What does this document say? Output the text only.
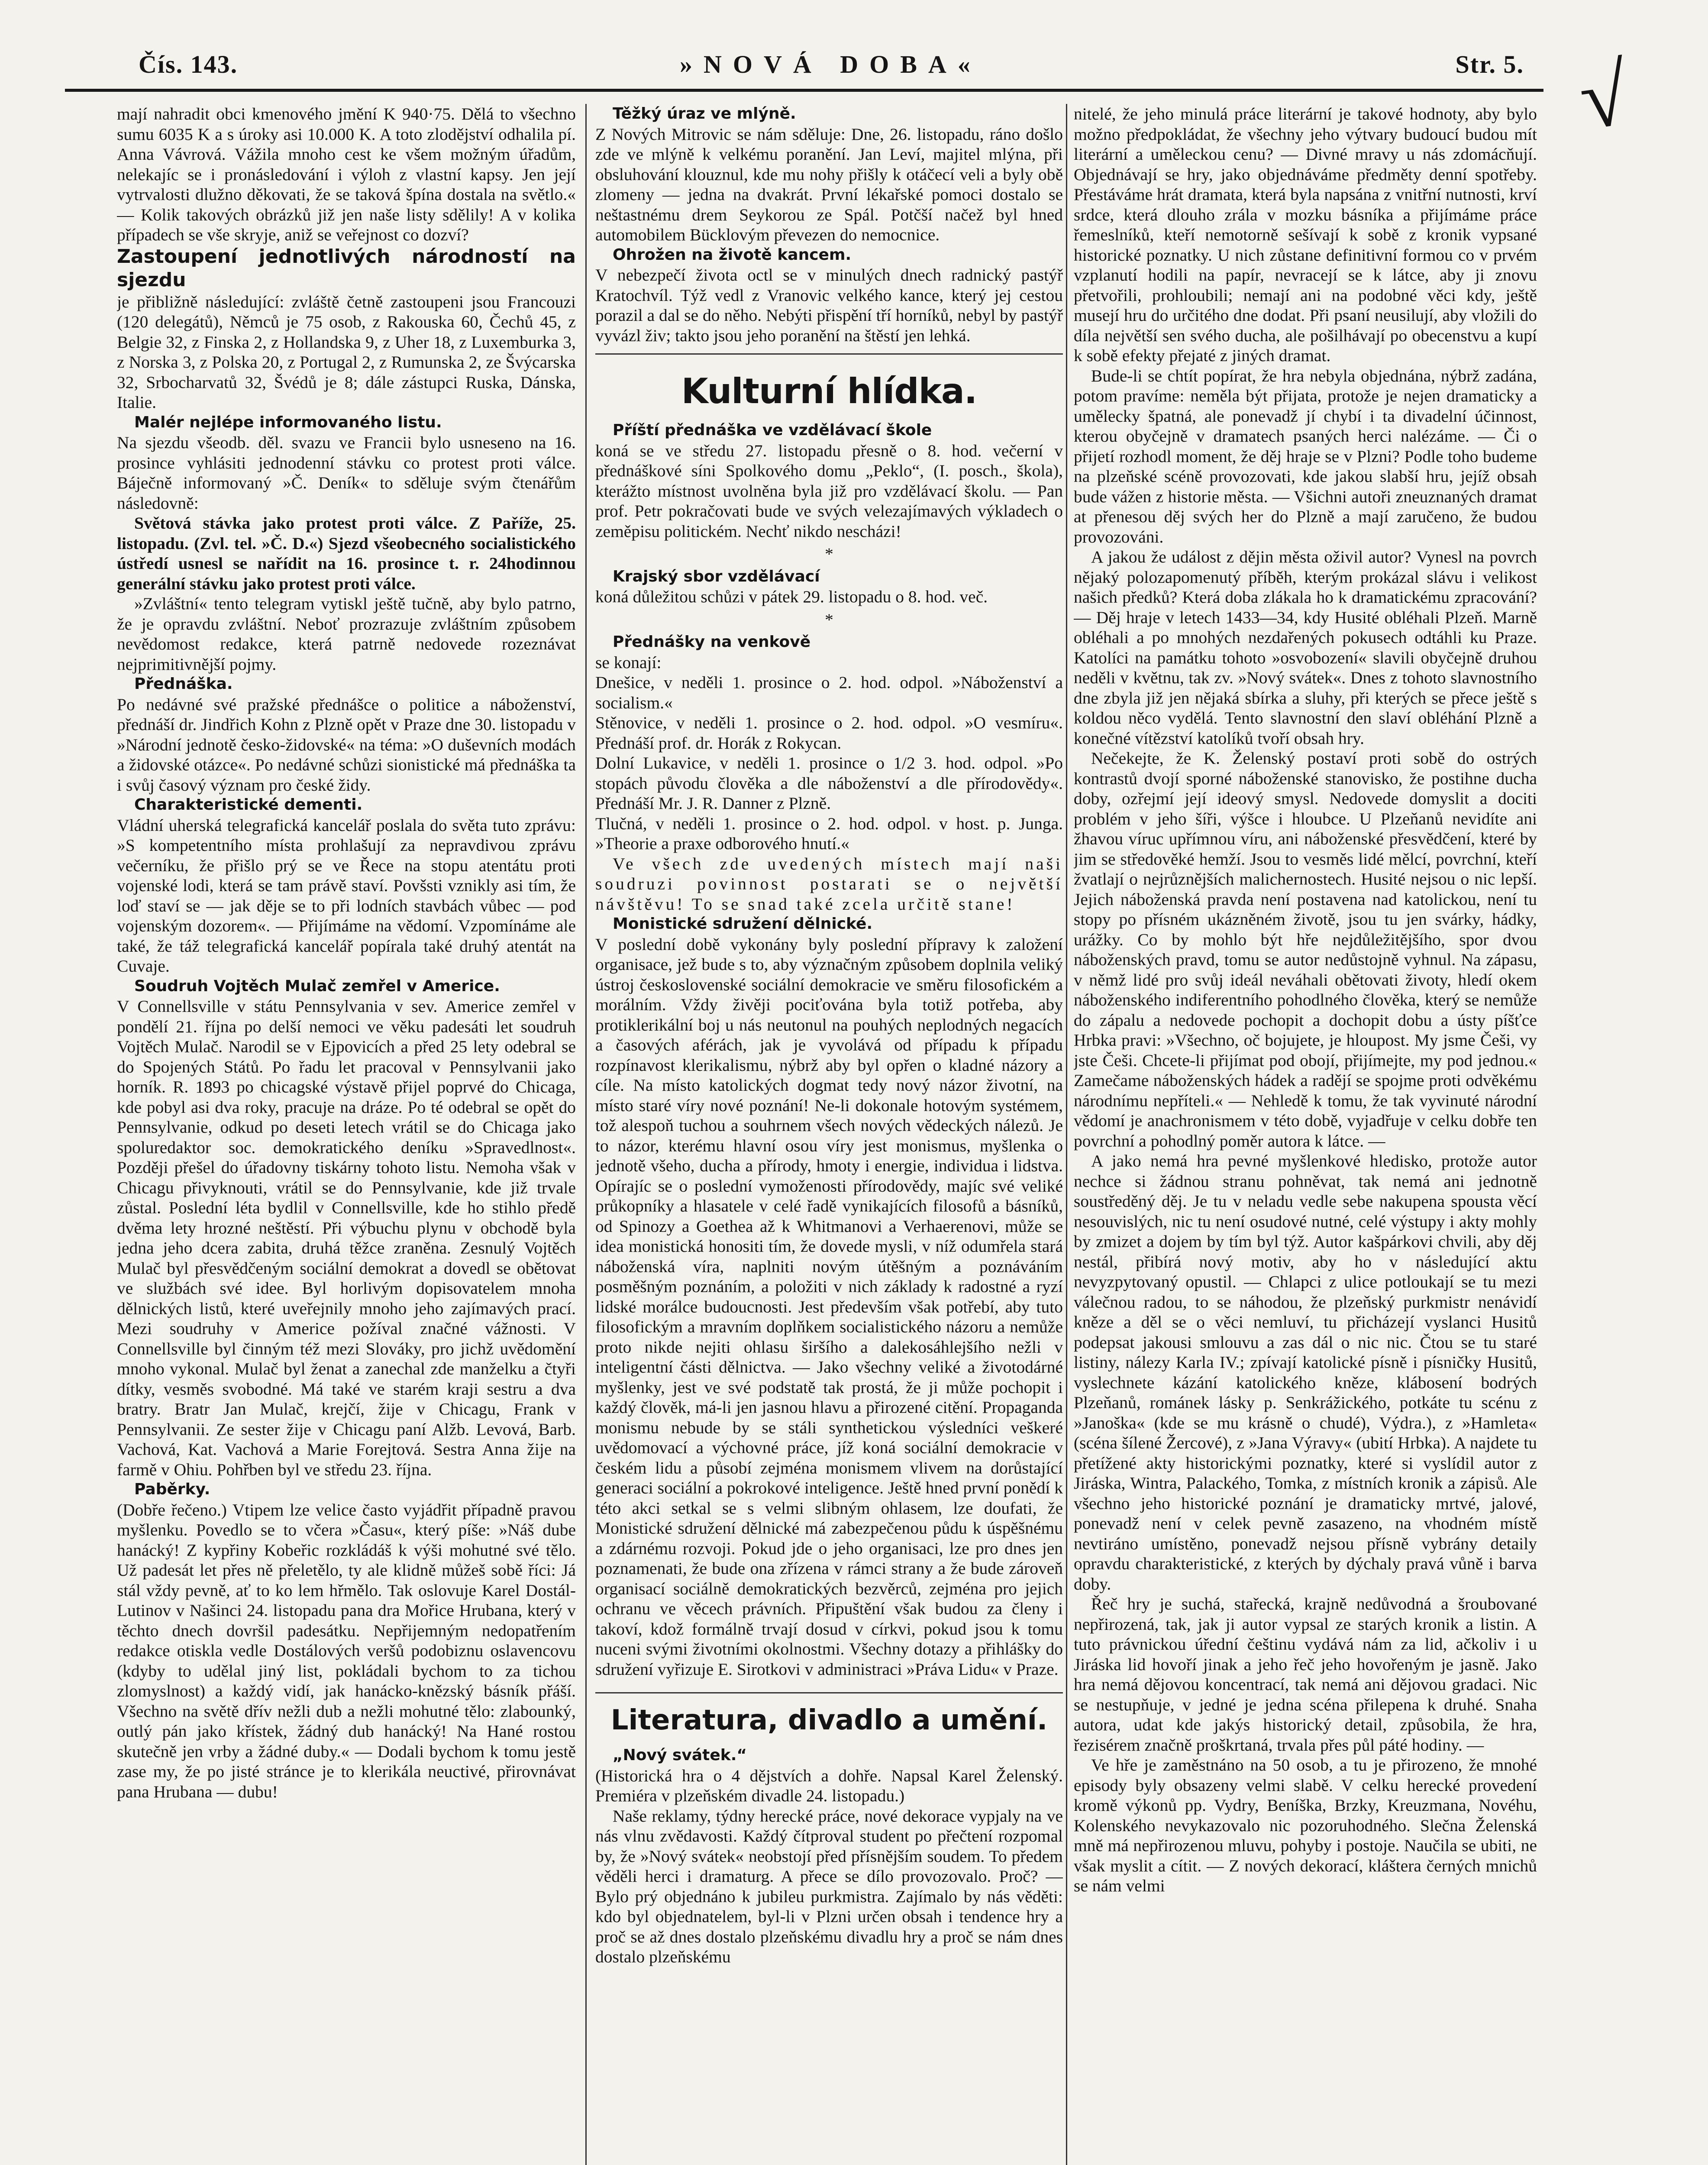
Čís. 143.	»NOVÁ DOBA«	Str. 5. √

mají nahradit obci kmenového jmění K 940·75. Dělá to všechno sumu 6035 K a s úroky asi 10.000 K. A toto zlodějství odhalila pí. Anna Vávrová. Vážila mnoho cest ke všem možným úřadům, nelekajíc se i pronásledování i výloh z vlastní kapsy. Jen její vytrvalosti dlužno děkovati, že se taková špína dostala na světlo.« — Kolik takových obrázků již jen naše listy sdělily! A v kolika případech se vše skryje, aniž se veřejnost co dozví?

Zastoupení jednotlivých národností na sjezdu

je přibližně následující: zvláště četně zastoupeni jsou Francouzi (120 delegátů), Němců je 75 osob, z Rakouska 60, Čechů 45, z Belgie 32, z Finska 2, z Hollandska 9, z Uher 18, z Luxemburka 3, z Norska 3, z Polska 20, z Portugal 2, z Rumunska 2, ze Švýcarska 32, Srbocharvatů 32, Švédů je 8; dále zástupci Ruska, Dánska, Italie.

Malér nejlépe informovaného listu.

Na sjezdu všeodb. děl. svazu ve Francii bylo usneseno na 16. prosince vyhlásiti jednodenní stávku co protest proti válce. Báječně informovaný »Č. Deník« to sděluje svým čtenářům následovně:

Světová stávka jako protest proti válce. Z Paříže, 25. listopadu. (Zvl. tel. »Č. D.«) Sjezd všeobecného socialistického ústředí usnesl se nařídit na 16. prosince t. r. 24hodinnou generální stávku jako protest proti válce.

»Zvláštní« tento telegram vytiskl ještě tučně, aby bylo patrno, že je opravdu zvláštní. Neboť prozrazuje zvláštním způsobem nevědomost redakce, která patrně nedovede rozeznávat nejprimitivnější pojmy.

Přednáška.

Po nedávné své pražské přednášce o politice a náboženství, přednáší dr. Jindřich Kohn z Plzně opět v Praze dne 30. listopadu v »Národní jednotě česko-židovské« na téma: »O duševních modách a židovské otázce«. Po nedávné schůzi sionistické má přednáška ta i svůj časový význam pro české židy.

Charakteristické dementi.

Vládní uherská telegrafická kancelář poslala do světa tuto zprávu: »S kompetentního místa prohlašují za nepravdivou zprávu večerníku, že přišlo prý se ve Řece na stopu atentátu proti vojenské lodi, která se tam právě staví. Povšsti vznikly asi tím, že loď staví se — jak děje se to při lodních stavbách vůbec — pod vojenským dozorem«. — Přijímáme na vědomí. Vzpomínáme ale také, že táž telegrafická kancelář popírala také druhý atentát na Cuvaje.

Soudruh Vojtěch Mulač zemřel v Americe.

V Connellsville v státu Pennsylvania v sev. Americe zemřel v pondělí 21. října po delší nemoci ve věku padesáti let soudruh Vojtěch Mulač. Narodil se v Ejpovicích a před 25 lety odebral se do Spojených Států. Po řadu let pracoval v Pennsylvanii jako horník. R. 1893 po chicagské výstavě přijel poprvé do Chicaga, kde pobyl asi dva roky, pracuje na dráze. Po té odebral se opět do Pennsylvanie, odkud po deseti letech vrátil se do Chicaga jako spoluredaktor soc. demokratického deníku »Spravedlnost«. Později přešel do úřadovny tiskárny tohoto listu. Nemoha však v Chicagu přivyknouti, vrátil se do Pennsylvanie, kde již trvale zůstal. Poslední léta bydlil v Connellsville, kde ho stihlo předě dvěma lety hrozné neštěstí. Při výbuchu plynu v obchodě byla jedna jeho dcera zabita, druhá těžce zraněna. Zesnulý Vojtěch Mulač byl přesvědčeným sociální demokrat a dovedl se obětovat ve službách své idee. Byl horlivým dopisovatelem mnoha dělnických listů, které uveřejnily mnoho jeho zajímavých prací. Mezi soudruhy v Americe požíval značné vážnosti. V Connellsville byl činným též mezi Slováky, pro jichž uvědomění mnoho vykonal. Mulač byl ženat a zanechal zde manželku a čtyři dítky, vesměs svobodné. Má také ve starém kraji sestru a dva bratry. Bratr Jan Mulač, krejčí, žije v Chicagu, Frank v Pennsylvanii. Ze sester žije v Chicagu paní Alžb. Levová, Barb. Vachová, Kat. Vachová a Marie Forejtová. Sestra Anna žije na farmě v Ohiu. Pohřben byl ve středu 23. října.

Paběrky.

(Dobře řečeno.) Vtipem lze velice často vyjádřit případně pravou myšlenku. Povedlo se to včera »Času«, který píše: »Náš dube hanácký! Z kypřiny Kobeřic rozkládáš k výši mohutné své tělo. Už padesát let přes ně přeletělo, ty ale klidně můžeš sobě říci: Já stál vždy pevně, ať to ko lem hřmělo. Tak oslovuje Karel Dostál-Lutinov v Našinci 24. listopadu pana dra Mořice Hrubana, který v těchto dnech dovršil padesátku. Nepřijemným nedopatřením redakce otiskla vedle Dostálových veršů podobiznu oslavencovu (kdyby to udělal jiný list, pokládali bychom to za tichou zlomyslnost) a každý vidí, jak hanácko-knězský básník přáší. Všechno na světě dřív nežli dub a nežli mohutné tělo: zlabounký, outlý pán jako křístek, žádný dub hanácký! Na Hané rostou skutečně jen vrby a žádné duby.« — Dodali bychom k tomu jestě zase my, že po jisté stránce je to klerikála neuctivé, přirovnávat pana Hrubana — dubu!

Těžký úraz ve mlýně.

Z Nových Mitrovic se nám sděluje: Dne, 26. listopadu, ráno došlo zde ve mlýně k velkému poranění. Jan Leví, majitel mlýna, při obsluhování klouznul, kde mu nohy přišly k otáčecí veli a byly obě zlomeny — jedna na dvakrát. První lékařské pomoci dostalo se neštastnému drem Seykorou ze Spál. Potčší načež byl hned automobilem Bücklovým převezen do nemocnice.

Ohrožen na životě kancem.

V nebezpečí života octl se v minulých dnech radnický pastýř Kratochvíl. Týž vedl z Vranovic velkého kance, který jej cestou porazil a dal se do něho. Nebýti přispění tří horníků, nebyl by pastýř vyvázl živ; takto jsou jeho poranění na štěstí jen lehká.

Kulturní hlídka.

Příští přednáška ve vzdělávací škole

koná se ve středu 27. listopadu přesně o 8. hod. večerní v přednáškové síni Spolkového domu „Peklo“, (I. posch., škola), kterážto místnost uvolněna byla již pro vzdělávací školu. — Pan prof. Petr pokračovati bude ve svých velezajímavých výkladech o zeměpisu politickém. Nechť nikdo nescházi!

*

Krajský sbor vzdělávací

koná důležitou schůzi v pátek 29. listopadu o 8. hod. več.

*

Přednášky na venkově

se konají:

Dnešice, v neděli 1. prosince o 2. hod. odpol. »Náboženství a socialism.«

Stěnovice, v neděli 1. prosince o 2. hod. odpol. »O vesmíru«. Přednáší prof. dr. Horák z Rokycan.

Dolní Lukavice, v neděli 1. prosince o 1/2 3. hod. odpol. »Po stopách původu člověka a dle náboženství a dle přírodovědy«. Přednáší Mr. J. R. Danner z Plzně.

Tlučná, v neděli 1. prosince o 2. hod. odpol. v host. p. Junga. »Theorie a praxe odborového hnutí.«

Ve všech zde uvedených místech mají naši soudruzi povinnost postarati se o největší návštěvu! To se snad také zcela určitě stane!

Monistické sdružení dělnické.

V poslední době vykonány byly poslední přípravy k založení organisace, jež bude s to, aby význačným způsobem doplnila veliký ústroj československé sociální demokracie ve směru filosofickém a morálním. Vždy živěji pociťována byla totiž potřeba, aby protiklerikální boj u nás neutonul na pouhých neplodných negacích a časových aférách, jak je vyvolává od případu k případu rozpínavost klerikalismu, nýbrž aby byl opřen o kladné názory a cíle. Na místo katolických dogmat tedy nový názor životní, na místo staré víry nové poznání! Ne-li dokonale hotovým systémem, tož alespoň tuchou a souhrnem všech nových vědeckých nálezů. Je to názor, kterému hlavní osou víry jest monismus, myšlenka o jednotě všeho, ducha a přírody, hmoty i energie, individua i lidstva. Opírajíc se o poslední vymoženosti přírodovědy, majíc své veliké průkopníky a hlasatele v celé řadě vynikajících filosofů a básníků, od Spinozy a Goethea až k Whitmanovi a Verhaerenovi, může se idea monistická honositi tím, že dovede mysli, v níž odumřela stará náboženská víra, naplniti novým útěšným a poznáváním posměšným poznáním, a položiti v nich základy k radostné a ryzí lidské morálce budoucnosti. Jest především však potřebí, aby tuto filosofickým a mravním doplňkem socialistického názoru a nemůže proto nikde nejiti ohlasu širšího a dalekosáhlejšího nežli v inteligentní části dělnictva. — Jako všechny veliké a životodárné myšlenky, jest ve své podstatě tak prostá, že ji může pochopit i každý člověk, má-li jen jasnou hlavu a přirozené citění. Propaganda monismu nebude by se stáli synthetickou výsledníci veškeré uvědomovací a výchovné práce, jíž koná sociální demokracie v českém lidu a působí zejména monismem vlivem na dorůstající generaci sociální a pokrokové inteligence. Ještě hned první ponědí k této akci setkal se s velmi slibným ohlasem, lze doufati, že Monistické sdružení dělnické má zabezpečenou půdu k úspěšnému a zdárnému rozvoji. Pokud jde o jeho organisaci, lze pro dnes jen poznamenati, že bude ona zřízena v rámci strany a že bude zároveň organisací sociálně demokratických bezvěrců, zejména pro jejich ochranu ve věcech právních. Připuštění však budou za členy i takoví, kdož formálně trvají dosud v církvi, pokud jsou k tomu nuceni svými životními okolnostmi. Všechny dotazy a přihlášky do sdružení vyřizuje E. Sirotkovi v administraci »Práva Lidu« v Praze.

Literatura, divadlo a umění.

„Nový svátek.“

(Historická hra o 4 dějstvích a dohře. Napsal Karel Želenský. Premiéra v plzeňském divadle 24. listopadu.)

Naše reklamy, týdny herecké práce, nové dekorace vypjaly na ve nás vlnu zvědavosti. Každý čítproval student po přečtení rozpomal by, že »Nový svátek« neobstojí před přísnějším soudem. To předem věděli herci i dramaturg. A přece se dílo provozovalo. Proč? — Bylo prý objednáno k jubileu purkmistra. Zajímalo by nás věděti: kdo byl objednatelem, byl-li v Plzni určen obsah i tendence hry a proč se až dnes dostalo plzeňskému divadlu hry a proč se nám dnes dostalo plzeňskému

nitelé, že jeho minulá práce literární je takové hodnoty, aby bylo možno předpokládat, že všechny jeho výtvary budoucí budou mít literární a uměleckou cenu? — Divné mravy u nás zdomácňují. Objednávají se hry, jako objednáváme předměty denní spotřeby. Přestáváme hrát dramata, která byla napsána z vnitřní nutnosti, krví srdce, která dlouho zrála v mozku básníka a přijímáme práce řemeslníků, kteří nemotorně sešívají k sobě z kronik vypsané historické poznatky. U nich zůstane definitivní formou co v prvém vzplanutí hodili na papír, nevracejí se k látce, aby ji znovu přetvořili, prohloubili; nemají ani na podobné věci kdy, ještě musejí hru do určitého dne dodat. Při psaní neusilují, aby vložili do díla největší sen svého ducha, ale pošilhávají po obecenstvu a kupí k sobě efekty přejaté z jiných dramat.

Bude-li se chtít popírat, že hra nebyla objednána, nýbrž zadána, potom pravíme: neměla být přijata, protože je nejen dramaticky a umělecky špatná, ale ponevadž jí chybí i ta divadelní účinnost, kterou obyčejně v dramatech psaných herci nalézáme. — Či o přijetí rozhodl moment, že děj hraje se v Plzni? Podle toho budeme na plzeňské scéně provozovati, kde jakou slabší hru, jejíž obsah bude vážen z historie města. — Všichni autoři zneuznaných dramat at přenesou děj svých her do Plzně a mají zaručeno, že budou provozováni.

A jakou že událost z dějin města oživil autor? Vynesl na povrch nějaký polozapomenutý příběh, kterým prokázal slávu i velikost našich předků? Která doba zlákala ho k dramatickému zpracování? — Děj hraje v letech 1433—34, kdy Husité obléhali Plzeň. Marně obléhali a po mnohých nezdařených pokusech odtáhli ku Praze. Katolíci na památku tohoto »osvobození« slavili obyčejně druhou neděli v květnu, tak zv. »Nový svátek«. Dnes z tohoto slavnostního dne zbyla již jen nějaká sbírka a sluhy, při kterých se přece ještě s koldou něco vydělá. Tento slavnostní den slaví obléhání Plzně a konečné vítězství katolíků tvoří obsah hry.

Nečekejte, že K. Želenský postaví proti sobě do ostrých kontrastů dvojí sporné náboženské stanovisko, že postihne ducha doby, ozřejmí její ideový smysl. Nedovede domyslit a dociti problém v jeho šíři, výšce i hloubce. U Plzeňanů nevidíte ani žhavou víruc upřímnou víru, ani náboženské přesvědčení, které by jim se středověké hemží. Jsou to vesměs lidé mělcí, povrchní, kteří žvatlají o nejrůznějších malichernostech. Husité nejsou o nic lepší. Jejich náboženská pravda není postavena nad katolickou, není tu stopy po přísném ukázněném životě, jsou tu jen svárky, hádky, urážky. Co by mohlo být hře nejdůležitějšího, spor dvou náboženských pravd, tomu se autor nedůstojně vyhnul. Na zápasu, v němž lidé pro svůj ideál neváhali obětovati životy, hledí okem náboženského indiferentního pohodlného člověka, který se nemůže do zápalu a nedovede pochopit a dochopit dobu a ústy píšťce Hrbka pravi: »Všechno, oč bojujete, je hloupost. My jsme Češi, vy jste Češi. Chcete-li přijímat pod obojí, přijímejte, my pod jednou.« Zamečame náboženských hádek a radějí se spojme proti odvěkému národnímu nepříteli.« — Nehledě k tomu, že tak vyvinuté národní vědomí je anachronismem v této době, vyjadřuje v celku dobře ten povrchní a pohodlný poměr autora k látce. —

A jako nemá hra pevné myšlenkové hledisko, protože autor nechce si žádnou stranu pohněvat, tak nemá ani jednotně soustředěný děj. Je tu v neladu vedle sebe nakupena spousta věcí nesouvislých, nic tu není osudové nutné, celé výstupy i akty mohly by zmizet a dojem by tím byl týž. Autor kašpárkovi chvili, aby děj nestál, přibírá nový motiv, aby ho v následující aktu nevyzpytovaný opustil. — Chlapci z ulice potloukají se tu mezi válečnou radou, to se náhodou, že plzeňský purkmistr nenávidí kněze a děl se o věci nemluví, tu přicházejí vyslanci Husitů podepsat jakousi smlouvu a zas dál o nic nic. Čtou se tu staré listiny, nálezy Karla IV.; zpívají katolické písně i písničky Husitů, vyslechnete kázání katolického kněze, klábosení bodrých Plzeňanů, románek lásky p. Senkrážického, potkáte tu scénu z »Janoška« (kde se mu krásně o chudé), Výdra.), z »Hamleta« (scéna šílené Žercové), z »Jana Výravy« (ubití Hrbka). A najdete tu přetížené akty historickými poznatky, které si vyslídil autor z Jiráska, Wintra, Palackého, Tomka, z místních kronik a zápisů. Ale všechno jeho historické poznání je dramaticky mrtvé, jalové, ponevadž není v celek pevně zasazeno, na vhodném místě nevtiráno umístěno, ponevadž nejsou přísně vybrány detaily opravdu charakteristické, z kterých by dýchaly pravá vůně i barva doby.

Řeč hry je suchá, stařecká, krajně nedůvodná a šroubované nepřirozená, tak, jak ji autor vypsal ze starých kronik a listin. A tuto právnickou úřední češtinu vydává nám za lid, ačkoliv i u Jiráska lid hovoří jinak a jeho řeč jeho hovořeným je jasně. Jako hra nemá dějovou koncentrací, tak nemá ani dějovou gradaci. Nic se nestupňuje, v jedné je jedna scéna přilepena k druhé. Snaha autora, udat kde jakýs historický detail, způsobila, že hra, řezisérem značně proškrtaná, trvala přes půl páté hodiny. —

Ve hře je zaměstnáno na 50 osob, a tu je přirozeno, že mnohé episody byly obsazeny velmi slabě. V celku herecké provedení kromě výkonů pp. Vydry, Beníška, Brzky, Kreuzmana, Novéhu, Kolenského nevykazovalo nic pozoruhodného. Slečna Želenská mně má nepřirozenou mluvu, pohyby i postoje. Naučila se ubiti, ne však myslit a cítit. — Z nových dekorací, kláštera černých mnichů se nám velmi
